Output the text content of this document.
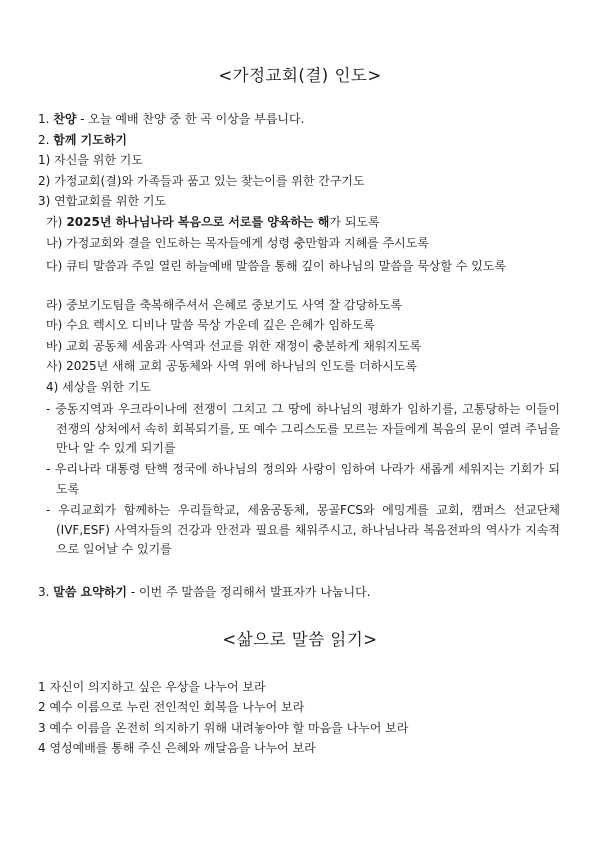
<가정교회(결) 인도>
1. 찬양 - 오늘 예배 찬양 중 한 곡 이상을 부릅니다.
2. 함께 기도하기
1) 자신을 위한 기도
2) 가정교회(결)와 가족들과 품고 있는 찾는이를 위한 간구기도
3) 연합교회를 위한 기도
가) 2025년 하나님나라 복음으로 서로를 양육하는 해가 되도록
나) 가정교회와 결을 인도하는 목자들에게 성령 충만함과 지혜를 주시도록
다) 큐티 말씀과 주일 열린 하늘예배 말씀을 통해 깊이 하나님의 말씀을 묵상할 수 있도록
라) 중보기도팀을 축복해주셔서 은혜로 중보기도 사역 잘 감당하도록
마) 수요 렉시오 디비나 말씀 묵상 가운데 깊은 은혜가 임하도록
바) 교회 공동체 세움과 사역과 선교를 위한 재정이 충분하게 채워지도록
사) 2025년 새해 교회 공동체와 사역 위에 하나님의 인도를 더하시도록
4) 세상을 위한 기도
- 중동지역과 우크라이나에 전쟁이 그치고 그 땅에 하나님의 평화가 임하기를, 고통당하는 이들이 전쟁의 상처에서 속히 회복되기를, 또 예수 그리스도를 모르는 자들에게 복음의 문이 열려 주님을 만나 알 수 있게 되기를
- 우리나라 대통령 탄핵 정국에 하나님의 정의와 사랑이 임하여 나라가 새롭게 세워지는 기회가 되도록
- 우리교회가 함께하는 우리들학교, 세움공동체, 몽골FCS와 에밍게를 교회, 캠퍼스 선교단체(IVF,ESF) 사역자들의 건강과 안전과 필요를 채워주시고, 하나님나라 복음전파의 역사가 지속적으로 일어날 수 있기를
3. 말씀 요약하기 - 이번 주 말씀을 정리해서 발표자가 나눕니다.
<삶으로 말씀 읽기>
1 자신이 의지하고 싶은 우상을 나누어 보라
2 예수 이름으로 누린 전인적인 회복을 나누어 보라
3 예수 이름을 온전히 의지하기 위해 내려놓아야 할 마음을 나누어 보라
4 영성예배를 통해 주신 은혜와 깨달음을 나누어 보라
